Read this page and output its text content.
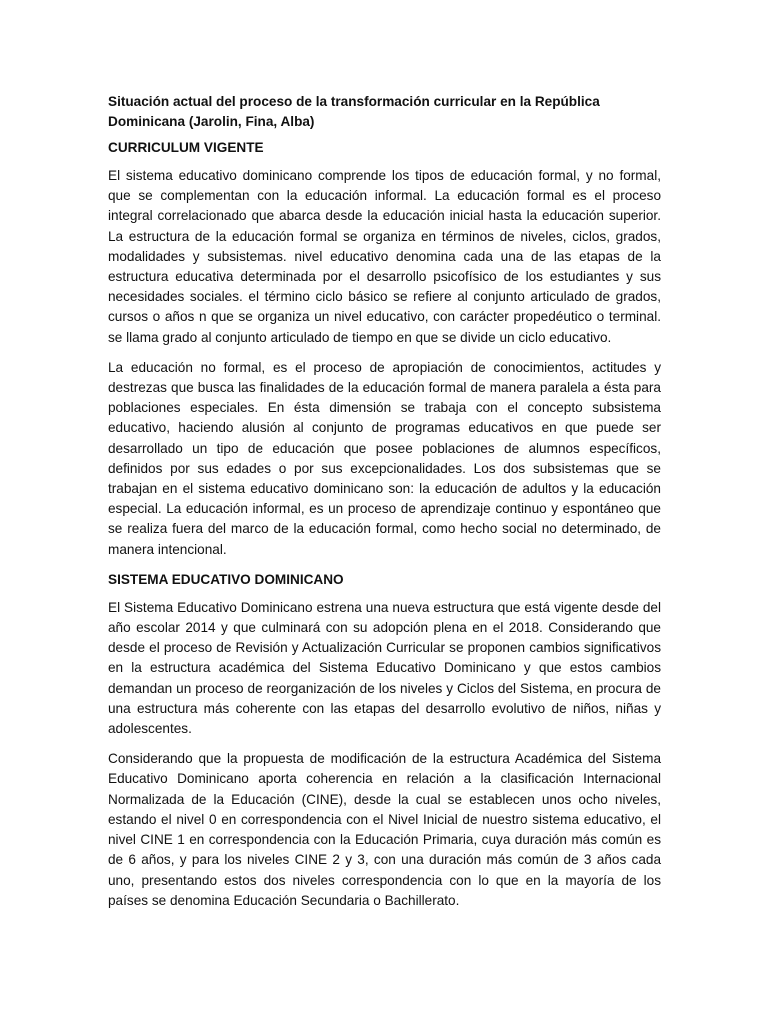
Situación actual del proceso de la transformación curricular en la República Dominicana (Jarolin, Fina, Alba)

CURRICULUM VIGENTE

El sistema educativo dominicano comprende los tipos de educación formal, y no formal, que se complementan con la educación informal. La educación formal es el proceso integral correlacionado que abarca desde la educación inicial hasta la educación superior. La estructura de la educación formal se organiza en términos de niveles, ciclos, grados, modalidades y subsistemas. nivel educativo denomina cada una de las etapas de la estructura educativa determinada por el desarrollo psicofísico de los estudiantes y sus necesidades sociales. el término ciclo básico se refiere al conjunto articulado de grados, cursos o años n que se organiza un nivel educativo, con carácter propedéutico o terminal. se llama grado al conjunto articulado de tiempo en que se divide un ciclo educativo.

La educación no formal, es el proceso de apropiación de conocimientos, actitudes y destrezas que busca las finalidades de la educación formal de manera paralela a ésta para poblaciones especiales. En ésta dimensión se trabaja con el concepto subsistema educativo, haciendo alusión al conjunto de programas educativos en que puede ser desarrollado un tipo de educación que posee poblaciones de alumnos específicos, definidos por sus edades o por sus excepcionalidades. Los dos subsistemas que se trabajan en el sistema educativo dominicano son: la educación de adultos y la educación especial. La educación informal, es un proceso de aprendizaje continuo y espontáneo que se realiza fuera del marco de la educación formal, como hecho social no determinado, de manera intencional.

SISTEMA EDUCATIVO DOMINICANO

El Sistema Educativo Dominicano estrena una nueva estructura que está vigente desde del año escolar 2014 y que culminará con su adopción plena en el 2018. Considerando que desde el proceso de Revisión y Actualización Curricular se proponen cambios significativos en la estructura académica del Sistema Educativo Dominicano y que estos cambios demandan un proceso de reorganización de los niveles y Ciclos del Sistema, en procura de una estructura más coherente con las etapas del desarrollo evolutivo de niños, niñas y adolescentes.

Considerando que la propuesta de modificación de la estructura Académica del Sistema Educativo Dominicano aporta coherencia en relación a la clasificación Internacional Normalizada de la Educación (CINE), desde la cual se establecen unos ocho niveles, estando el nivel 0 en correspondencia con el Nivel Inicial de nuestro sistema educativo, el nivel CINE 1 en correspondencia con la Educación Primaria, cuya duración más común es de 6 años, y para los niveles CINE 2 y 3, con una duración más común de 3 años cada uno, presentando estos dos niveles correspondencia con lo que en la mayoría de los países se denomina Educación Secundaria o Bachillerato.
